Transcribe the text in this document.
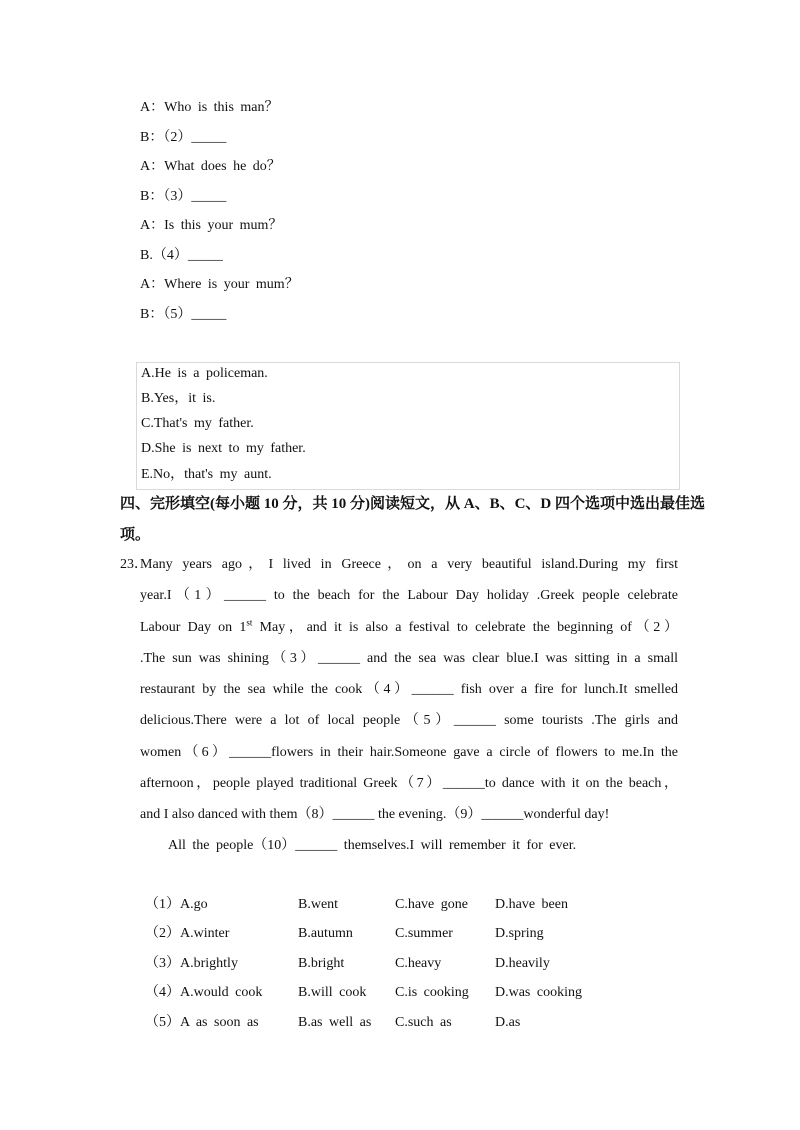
A：Who is this man？
B：（2）_____
A：What does he do？
B：（3）_____
A：Is this your mum？
B.（4）_____
A：Where is your mum？
B：（5）_____
A.He is a policeman.
B.Yes，it is.
C.That's my father.
D.She is next to my father.
E.No，that's my aunt.
四、完形填空(每小题 10 分，共 10 分)阅读短文，从 A、B、C、D 四个选项中选出最佳选
项。
23．
Many years ago，I lived in Greece，on a very beautiful island.During my first
year.I（1）______ to the beach for the Labour Day holiday .Greek people celebrate
Labour Day on 1st May，and it is also a festival to celebrate the beginning of（2）
.The sun was shining（3）______ and the sea was clear blue.I was sitting in a small
restaurant by the sea while the cook（4）______ fish over a fire for lunch.It smelled
delicious.There were a lot of local people（5）______ some tourists .The girls and
women（6）______flowers in their hair.Someone gave a circle of flowers to me.In the
afternoon，people played traditional Greek（7）______to dance with it on the beach，
and I also danced with them（8）______ the evening.（9）______wonderful day!
All the people（10）______ themselves.I will remember it for ever.
（1）A.go	B.went	C.have gone D.have been
（2）A.winter	B.autumn	C.summer	D.spring
（3）A.brightly	B.bright	C.heavy	D.heavily
（4）A.would cook	B.will cook C.is cooking D.was cooking
（5）A as soon as	B.as well as C.such as	D.as
